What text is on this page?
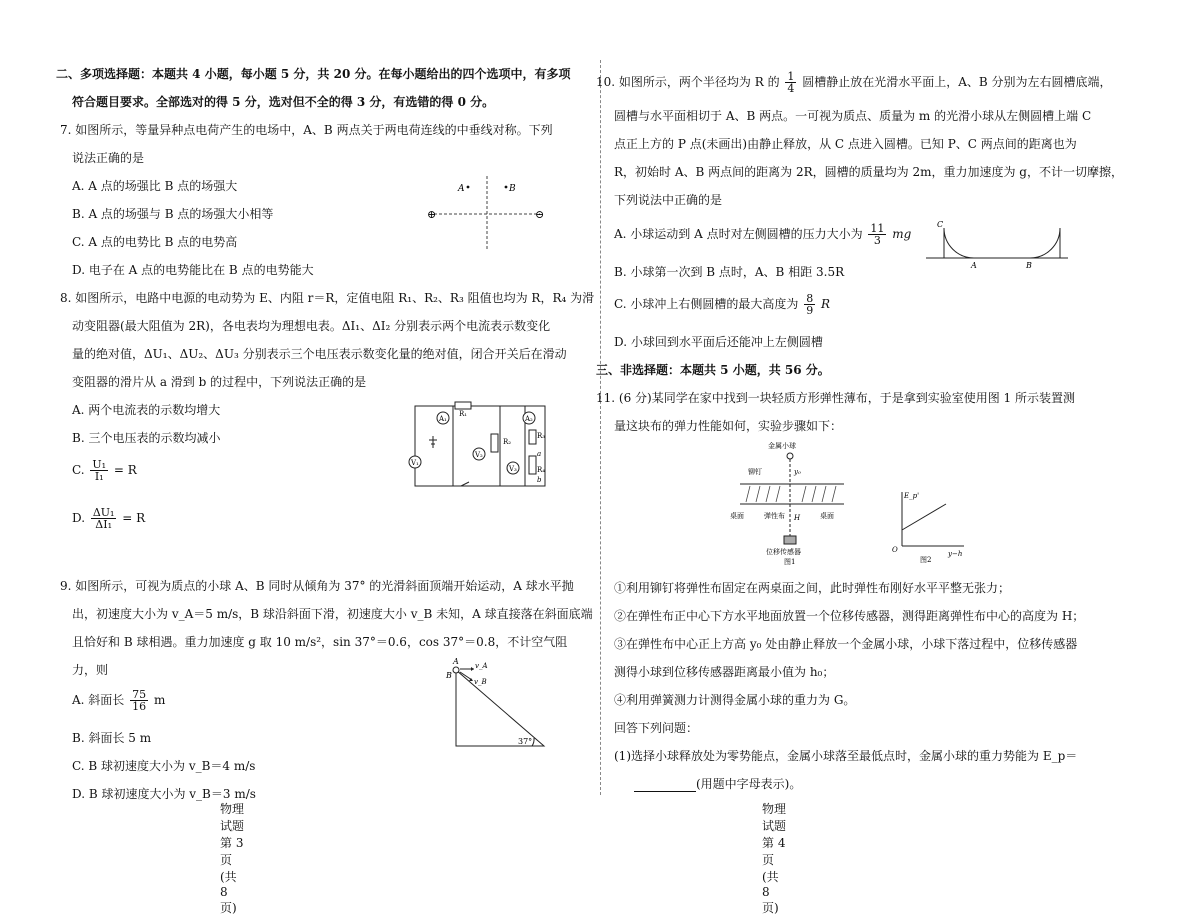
二、多项选择题：本题共 4 小题，每小题 5 分，共 20 分。在每小题给出的四个选项中，有多项
符合题目要求。全部选对的得 5 分，选对但不全的得 3 分，有选错的得 0 分。
7. 如图所示，等量异种点电荷产生的电场中，A、B 两点关于两电荷连线的中垂线对称。下列
说法正确的是
A. A 点的场强比 B 点的场强大
B. A 点的场强与 B 点的场强大小相等
C. A 点的电势比 B 点的电势高
D. 电子在 A 点的电势能比在 B 点的电势能大
A	B
⊕	⊖
8. 如图所示，电路中电源的电动势为 E、内阻 r＝R，定值电阻 R₁、R₂、R₃ 阻值也均为 R，R₄ 为滑
动变阻器(最大阻值为 2R)，各电表均为理想电表。ΔI₁、ΔI₂ 分别表示两个电流表示数变化
量的绝对值，ΔU₁、ΔU₂、ΔU₃ 分别表示三个电压表示数变化量的绝对值，闭合开关后在滑动
变阻器的滑片从 a 滑到 b 的过程中，下列说法正确的是
A. 两个电流表的示数均增大
B. 三个电压表的示数均减小
C. $\frac{\text{U₁}}{\text{I₁}} = R$
D. $\frac{\text{ΔU₁}}{\text{ΔI₁}} = R$
A₁	A₂
V₁
V₂
V₃
R₁
R₂
R₃
R₄
a
b
9. 如图所示，可视为质点的小球 A、B 同时从倾角为 37° 的光滑斜面顶端开始运动，A 球水平抛
出，初速度大小为 v_A＝5 m/s，B 球沿斜面下滑，初速度大小 v_B 未知，A 球直接落在斜面底端
且恰好和 B 球相遇。重力加速度 g 取 10 m/s²，sin 37°＝0.6，cos 37°＝0.8，不计空气阻
力，则
A. 斜面长 $\frac{75}{16}$ m
B. 斜面长 5 m
C. B 球初速度大小为 v_B＝4 m/s
D. B 球初速度大小为 v_B＝3 m/s
A
B
v_A
v_B
37°
物理试题　第 3 页(共 8 页)
10. 如图所示，两个半径均为 R 的 $\frac{1}{4}$ 圆槽静止放在光滑水平面上，A、B 分别为左右圆槽底端，
圆槽与水平面相切于 A、B 两点。一可视为质点、质量为 m 的光滑小球从左侧圆槽上端 C
点正上方的 P 点(未画出)由静止释放，从 C 点进入圆槽。已知 P、C 两点间的距离也为
R，初始时 A、B 两点间的距离为 2R，圆槽的质量均为 2m，重力加速度为 g，不计一切摩擦，
下列说法中正确的是
A. 小球运动到 A 点时对左侧圆槽的压力大小为 $\frac{11}{3}$ mg
B. 小球第一次到 B 点时，A、B 相距 3.5R
C. 小球冲上右侧圆槽的最大高度为 $\frac{8}{9}$ R
D. 小球回到水平面后还能冲上左侧圆槽
C
A	B
三、非选择题：本题共 5 小题，共 56 分。
11. (6 分)某同学在家中找到一块轻质方形弹性薄布，于是拿到实验室使用图 1 所示装置测
量这块布的弹力性能如何，实验步骤如下：
金属小球
铆钉	y₀
桌面	弹性布 H	桌面
位移传感器
图1
E_p'
y−h
O
图2
①利用铆钉将弹性布固定在两桌面之间，此时弹性布刚好水平平整无张力；
②在弹性布正中心下方水平地面放置一个位移传感器，测得距离弹性布中心的高度为 H；
③在弹性布中心正上方高 y₀ 处由静止释放一个金属小球，小球下落过程中，位移传感器
测得小球到位移传感器距离最小值为 h₀；
④利用弹簧测力计测得金属小球的重力为 G。
回答下列问题：
(1)选择小球释放处为零势能点，金属小球落至最低点时，金属小球的重力势能为 E_p＝
(用题中字母表示)。
物理试题　第 4 页(共 8 页)
